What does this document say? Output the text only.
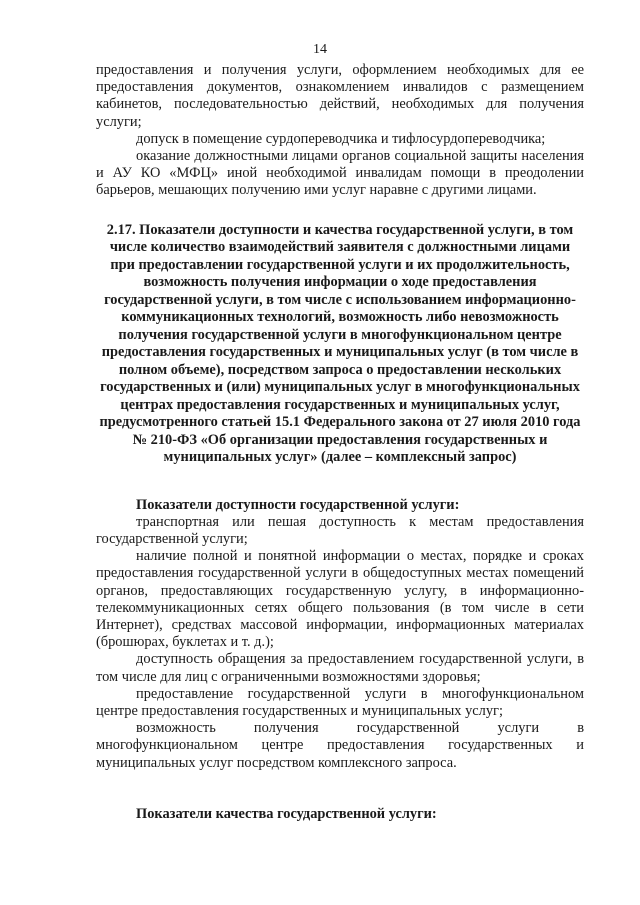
14

предоставления и получения услуги, оформлением необходимых для ее предоставления документов, ознакомлением инвалидов с размещением кабинетов, последовательностью действий, необходимых для получения услуги;

допуск в помещение сурдопереводчика и тифлосурдопереводчика;

оказание должностными лицами органов социальной защиты населения и АУ КО «МФЦ» иной необходимой инвалидам помощи в преодолении барьеров, мешающих получению ими услуг наравне с другими лицами.

2.17. Показатели доступности и качества государственной услуги, в том числе количество взаимодействий заявителя с должностными лицами при предоставлении государственной услуги и их продолжительность, возможность получения информации о ходе предоставления государственной услуги, в том числе с использованием информационно-коммуникационных технологий, возможность либо невозможность получения государственной услуги в многофункциональном центре предоставления государственных и муниципальных услуг (в том числе в полном объеме), посредством запроса о предоставлении нескольких государственных и (или) муниципальных услуг в многофункциональных центрах предоставления государственных и муниципальных услуг, предусмотренного статьей 15.1 Федерального закона от 27 июля 2010 года № 210-ФЗ «Об организации предоставления государственных и муниципальных услуг» (далее – комплексный запрос)
Показатели доступности государственной услуги:

транспортная или пешая доступность к местам предоставления государственной услуги;

наличие полной и понятной информации о местах, порядке и сроках предоставления государственной услуги в общедоступных местах помещений органов, предоставляющих государственную услугу, в информационно-телекоммуникационных сетях общего пользования (в том числе в сети Интернет), средствах массовой информации, информационных материалах (брошюрах, буклетах и т. д.);

доступность обращения за предоставлением государственной услуги, в том числе для лиц с ограниченными возможностями здоровья;

предоставление государственной услуги в многофункциональном центре предоставления государственных и муниципальных услуг;

возможность получения государственной услуги в многофункциональном центре предоставления государственных и муниципальных услуг посредством комплексного запроса.

Показатели качества государственной услуги:
